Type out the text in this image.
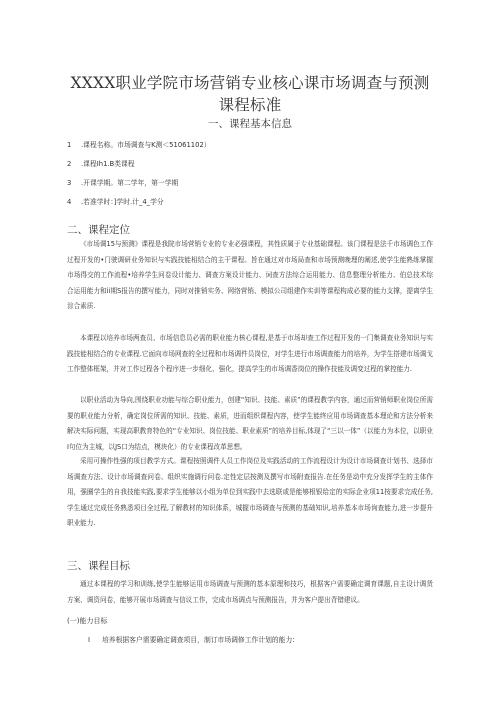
XXXX职业学院市场营销专业核心课市场调查与预测
课程标准
一、课程基本信息
1 .课程名称。市场调查与K测＜51061102）
2 .课程Ih1.B类课程
3 .开课学期。第二学年，第一学期
4 .若准学时：]学时.计_4_学分
二、课程定位

《市场调15与预测》课程是我院市场营销专业的专业必强课程，其性质属于专业基础课程。该门课程是法千市场调色工作过程开发的•门驶调研业务知识与实践技能相结合的主干课程。旨在通过对市场局查和市场预测晚理的阐述,使学生能熟练掌握市场得交的工作流程•培养学生问卷设计能力、调查方案设计能力、词查方法综合运用能力、信息整理分析能力、伯总技术综合运用能力和ii期S报告的撰写能力，同时对推销实务、网络营销、模拟公司组建作实训等课程构成必要的能力支撑，提离学生淙合素质.

本课程以培养市场两查员、市场信息员必需的职业能力核心课程,是基于市场却查工作过程开发的一门集调查业务知识与实践技能相结合的专业课程.它面向市场网查的全过程和市场调件员岗位，对学生进行市场调查能力的培养，为学生搭建市场调戈工作整体框架，并对工作过程各个程序进一步细化、强化，提高学生的市场调香岗位的操作技能及调变过程的掌控能力.

以职业活动为导向,围绕职业功能与综合职业能力，创建“知识、技能、素质”的课程教学内容，通过而营销师职业岗位所需要的职业能力分析，确定岗位所需的知识、技能、素质，进而组织课程内容，使学生能终应用市场调查基本理论和方法分析来解决实际问题，实现高职教育特色的“专业知识、岗位技能、职业素质”的培养目标,体现了“三以一体”（以能力为本位，以职业I句位为主城，以JS口为结点，模块化）的专业课程改革思想。

采用可操作性强的项目教学方式。课程按照调件人员工作岗位及实践活动的工作流程设计为设计市场调查计划书、选择市场调查方法、设计市场调查问卷、组织实施调行问卷.定性定层按测及撰写市场附查报告.在任务是动中充分发挥学生的主体作用，强圈学生的自我技能实践,要求学生能够以小组为单位到实践中去选联或是能够根银给定的实际企业项11按要求完成任务,学生通过完成任务熟悉项目全过程,了解教材的知识体系，城握市场调查与预测的基础知识,培养基本市场询查能力,进一步提升职业能力.

三、课程目标

通过本课程的学习和训练,使学生能够运用市场调查与预测的基本原理和技巧，根据客户需要确定调育课题,自主设计调货方案、调资问卷，能够开展市场调查与信议工作，完成市场调点与预测报告，并为客户提出背错建议。

(一)能力目标
I 培养根据客户需要确定调查项目，制订市场调修工作计划的能力:
